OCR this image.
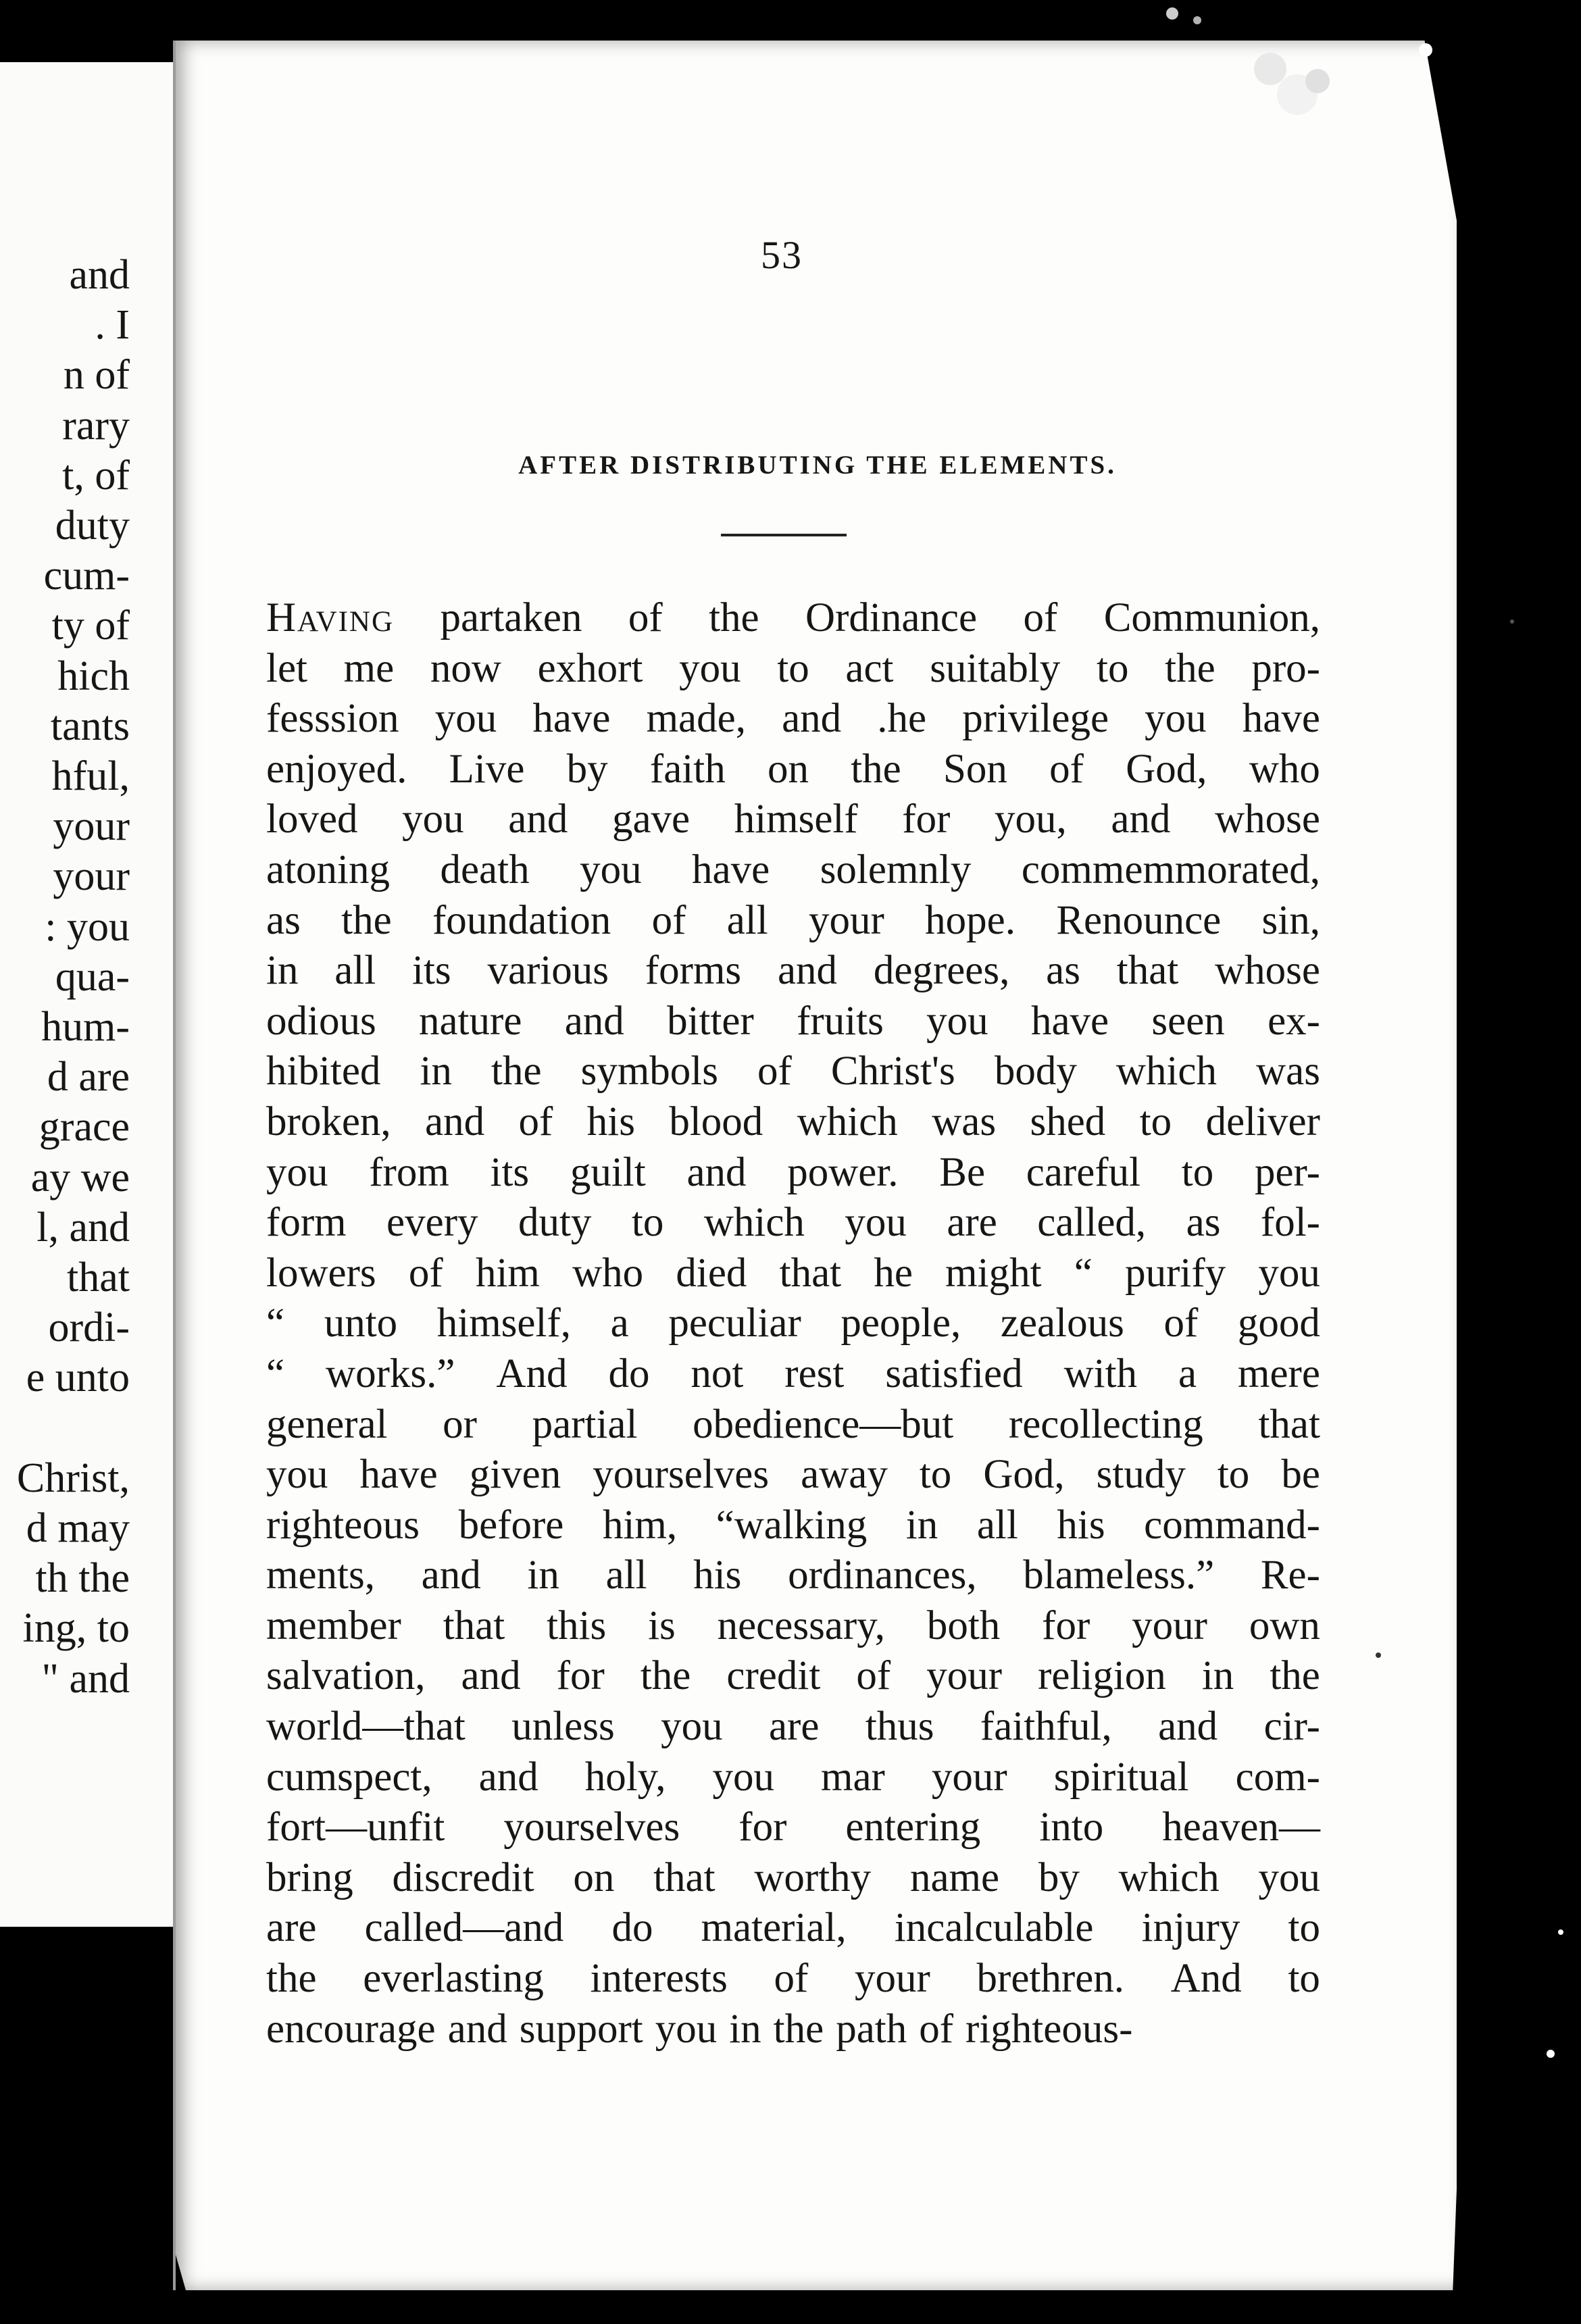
and
. I
n of
rary
t, of
duty
cum-
ty of
hich
tants
hful,
your
your
: you
qua-
hum-
d are
grace
ay we
l, and
that
ordi-
e unto
Christ,
d may
th the
ing, to
" and
53
AFTER DISTRIBUTING THE ELEMENTS.
Having partaken of the Ordinance of Communion,
let me now exhort you to act suitably to the pro-
fesssion you have made, and .he privilege you have
enjoyed. Live by faith on the Son of God, who
loved you and gave himself for you, and whose
atoning death you have solemnly commemmorated,
as the foundation of all your hope. Renounce sin,
in all its various forms and degrees, as that whose
odious nature and bitter fruits you have seen ex-
hibited in the symbols of Christ's body which was
broken, and of his blood which was shed to deliver
you from its guilt and power. Be careful to per-
form every duty to which you are called, as fol-
lowers of him who died that he might “ purify you
“ unto himself, a peculiar people, zealous of good
“ works.” And do not rest satisfied with a mere
general or partial obedience—but recollecting that
you have given yourselves away to God, study to be
righteous before him, “walking in all his command-
ments, and in all his ordinances, blameless.” Re-
member that this is necessary, both for your own
salvation, and for the credit of your religion in the
world—that unless you are thus faithful, and cir-
cumspect, and holy, you mar your spiritual com-
fort—unfit yourselves for entering into heaven—
bring discredit on that worthy name by which you
are called—and do material, incalculable injury to
the everlasting interests of your brethren. And to
encourage and support you in the path of righteous-
